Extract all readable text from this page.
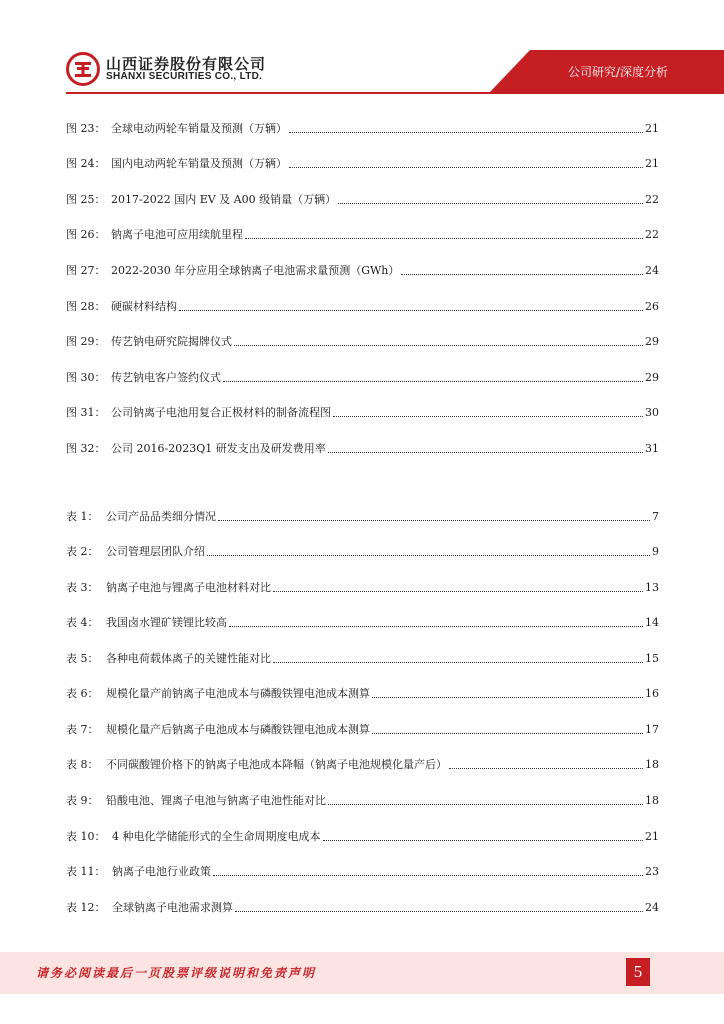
山西证券股份有限公司
SHANXI SECURITIES CO., LTD.	公司研究/深度分析
图 23： 全球电动两轮车销量及预测（万辆）	21
图 24： 国内电动两轮车销量及预测（万辆）	21
图 25： 2017-2022 国内 EV 及 A00 级销量（万辆）	22
图 26： 钠离子电池可应用续航里程	22
图 27： 2022-2030 年分应用全球钠离子电池需求量预测（GWh）	24
图 28： 硬碳材料结构	26
图 29： 传艺钠电研究院揭牌仪式	29
图 30： 传艺钠电客户签约仪式	29
图 31： 公司钠离子电池用复合正极材料的制备流程图	30
图 32： 公司 2016-2023Q1 研发支出及研发费用率	31
表 1： 公司产品品类细分情况	7
表 2： 公司管理层团队介绍	9
表 3： 钠离子电池与锂离子电池材料对比	13
表 4： 我国卤水锂矿镁锂比较高	14
表 5： 各种电荷载体离子的关键性能对比	15
表 6： 规模化量产前钠离子电池成本与磷酸铁锂电池成本测算	16
表 7： 规模化量产后钠离子电池成本与磷酸铁锂电池成本测算	17
表 8： 不同碳酸锂价格下的钠离子电池成本降幅（钠离子电池规模化量产后）	18
表 9： 铅酸电池、锂离子电池与钠离子电池性能对比	18
表 10： 4 种电化学储能形式的全生命周期度电成本	21
表 11： 钠离子电池行业政策	23
表 12： 全球钠离子电池需求测算	24
请务必阅读最后一页股票评级说明和免责声明	5
